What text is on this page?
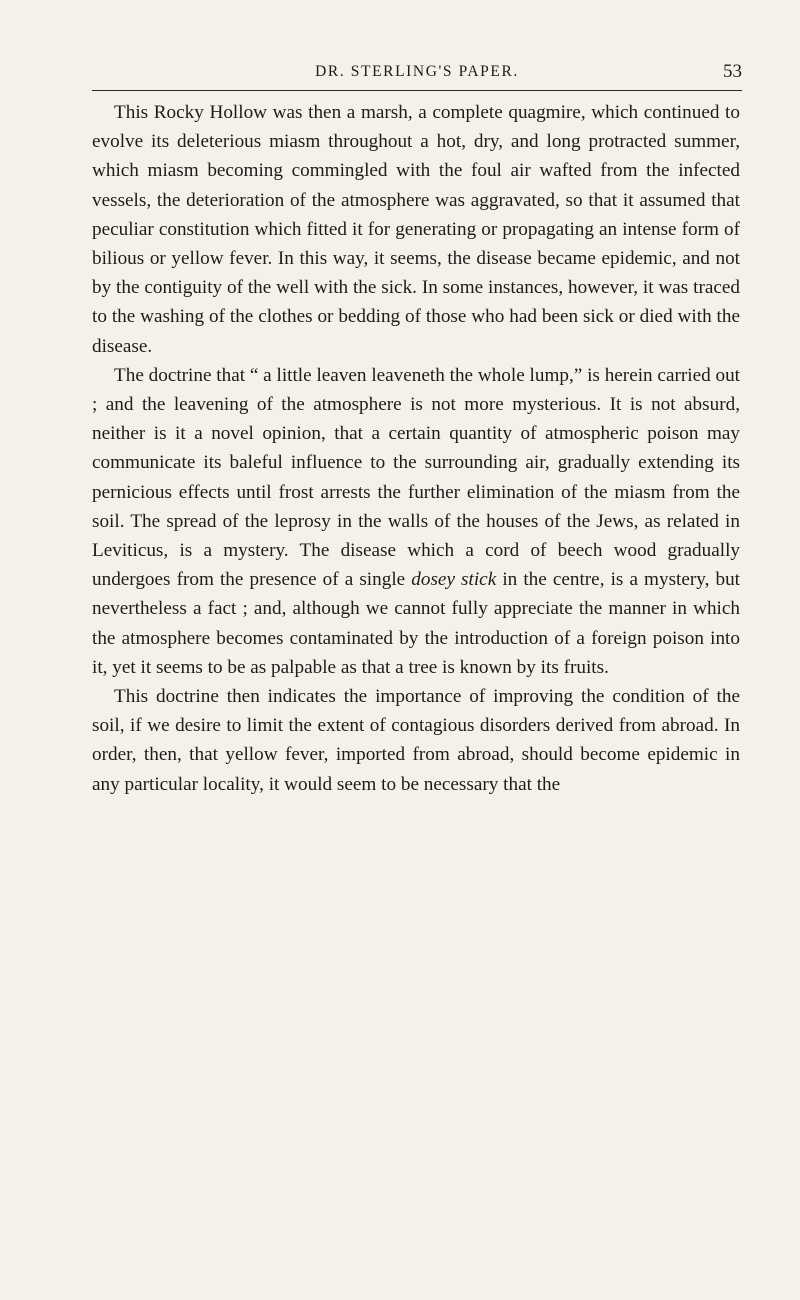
DR. STERLING'S PAPER.	53

This Rocky Hollow was then a marsh, a complete quagmire, which continued to evolve its deleterious miasm throughout a hot, dry, and long protracted summer, which miasm becoming commingled with the foul air wafted from the infected vessels, the deterioration of the atmosphere was aggravated, so that it assumed that peculiar constitution which fitted it for generating or propagating an intense form of bilious or yellow fever. In this way, it seems, the disease became epidemic, and not by the contiguity of the well with the sick. In some instances, however, it was traced to the washing of the clothes or bedding of those who had been sick or died with the disease.

The doctrine that “ a little leaven leaveneth the whole lump,” is herein carried out ; and the leavening of the atmosphere is not more mysterious. It is not absurd, neither is it a novel opinion, that a certain quantity of atmospheric poison may communicate its baleful influence to the surrounding air, gradually extending its pernicious effects until frost arrests the further elimination of the miasm from the soil. The spread of the leprosy in the walls of the houses of the Jews, as related in Leviticus, is a mystery. The disease which a cord of beech wood gradually undergoes from the presence of a single dosey stick in the centre, is a mystery, but nevertheless a fact ; and, although we cannot fully appreciate the manner in which the atmosphere becomes contaminated by the introduction of a foreign poison into it, yet it seems to be as palpable as that a tree is known by its fruits.

This doctrine then indicates the importance of improving the condition of the soil, if we desire to limit the extent of contagious disorders derived from abroad. In order, then, that yellow fever, imported from abroad, should become epidemic in any particular locality, it would seem to be necessary that the
